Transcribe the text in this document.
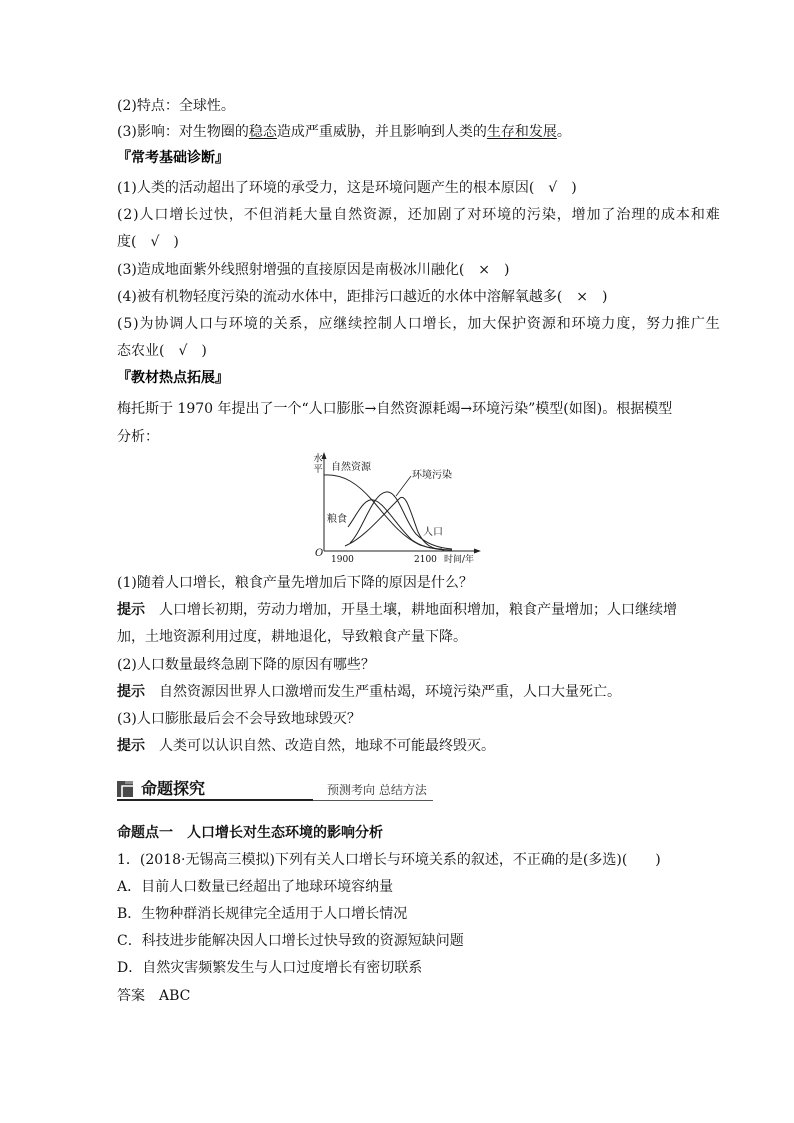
(2)特点：全球性。
(3)影响：对生物圈的稳态造成严重威胁，并且影响到人类的生存和发展。
『常考基础诊断』
(1)人类的活动超出了环境的承受力，这是环境问题产生的根本原因(　√　)
(2)人口增长过快，不但消耗大量自然资源，还加剧了对环境的污染，增加了治理的成本和难
度(　√　)
(3)造成地面紫外线照射增强的直接原因是南极冰川融化(　×　)
(4)被有机物轻度污染的流动水体中，距排污口越近的水体中溶解氧越多(　×　)
(5)为协调人口与环境的关系，应继续控制人口增长，加大保护资源和环境力度，努力推广生
态农业(　√　)
『教材热点拓展』
梅托斯于 1970 年提出了一个“人口膨胀→自然资源耗竭→环境污染”模型(如图)。根据模型
分析：
自然资源
环境污染
粮食
人口
O
1900	2100 时间/年
水平
(1)随着人口增长，粮食产量先增加后下降的原因是什么？
提示 人口增长初期，劳动力增加，开垦土壤，耕地面积增加，粮食产量增加；人口继续增
加，土地资源利用过度，耕地退化，导致粮食产量下降。
(2)人口数量最终急剧下降的原因有哪些？
提示 自然资源因世界人口激增而发生严重枯竭，环境污染严重，人口大量死亡。
(3)人口膨胀最后会不会导致地球毁灭？
提示 人类可以认识自然、改造自然，地球不可能最终毁灭。
命题探究	预测考向 总结方法
命题点一　人口增长对生态环境的影响分析
1．(2018·无锡高三模拟)下列有关人口增长与环境关系的叙述，不正确的是(多选)(　　)
A．目前人口数量已经超出了地球环境容纳量
B．生物种群消长规律完全适用于人口增长情况
C．科技进步能解决因人口增长过快导致的资源短缺问题
D．自然灾害频繁发生与人口过度增长有密切联系
答案 ABC
